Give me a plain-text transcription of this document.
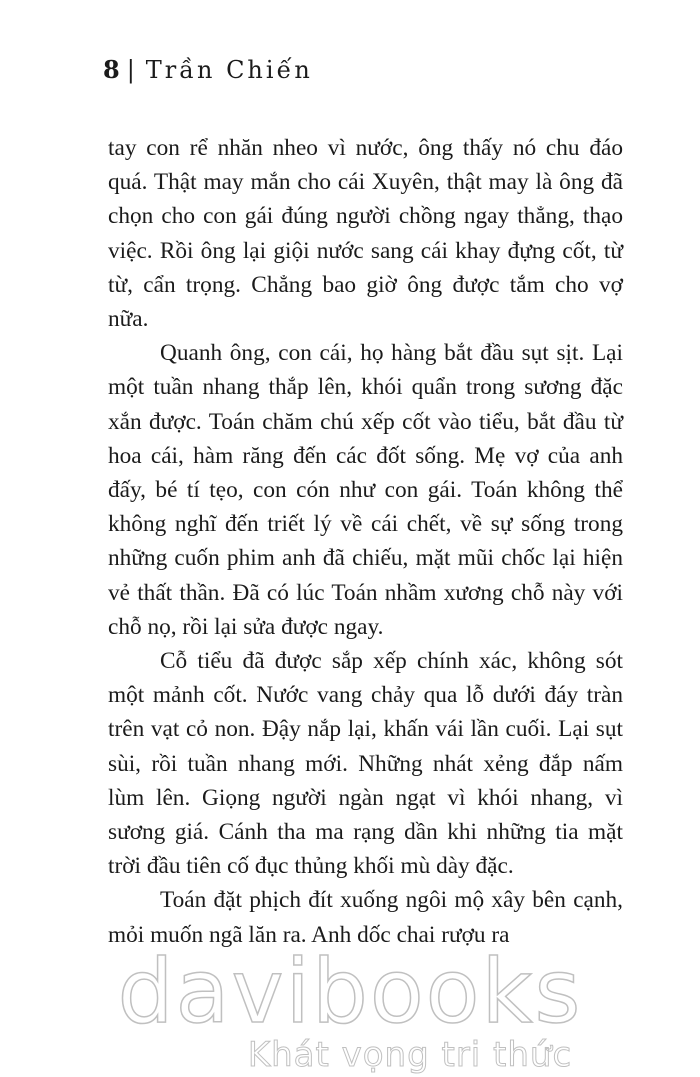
8 | Trần Chiến

tay con rể nhăn nheo vì nước, ông thấy nó chu đáo quá. Thật may mắn cho cái Xuyên, thật may là ông đã chọn cho con gái đúng người chồng ngay thẳng, thạo việc. Rồi ông lại giội nước sang cái khay đựng cốt, từ từ, cẩn trọng. Chẳng bao giờ ông được tắm cho vợ nữa.

Quanh ông, con cái, họ hàng bắt đầu sụt sịt. Lại một tuần nhang thắp lên, khói quẩn trong sương đặc xắn được. Toán chăm chú xếp cốt vào tiểu, bắt đầu từ hoa cái, hàm răng đến các đốt sống. Mẹ vợ của anh đấy, bé tí tẹo, con cón như con gái. Toán không thể không nghĩ đến triết lý về cái chết, về sự sống trong những cuốn phim anh đã chiếu, mặt mũi chốc lại hiện vẻ thất thần. Đã có lúc Toán nhầm xương chỗ này với chỗ nọ, rồi lại sửa được ngay.

Cỗ tiểu đã được sắp xếp chính xác, không sót một mảnh cốt. Nước vang chảy qua lỗ dưới đáy tràn trên vạt cỏ non. Đậy nắp lại, khấn vái lần cuối. Lại sụt sùi, rồi tuần nhang mới. Những nhát xẻng đắp nấm lùm lên. Giọng người ngàn ngạt vì khói nhang, vì sương giá. Cánh tha ma rạng dần khi những tia mặt trời đầu tiên cố đục thủng khối mù dày đặc.

Toán đặt phịch đít xuống ngôi mộ xây bên cạnh, mỏi muốn ngã lăn ra. Anh dốc chai rượu ra

davibooks
Khát vọng tri thức
